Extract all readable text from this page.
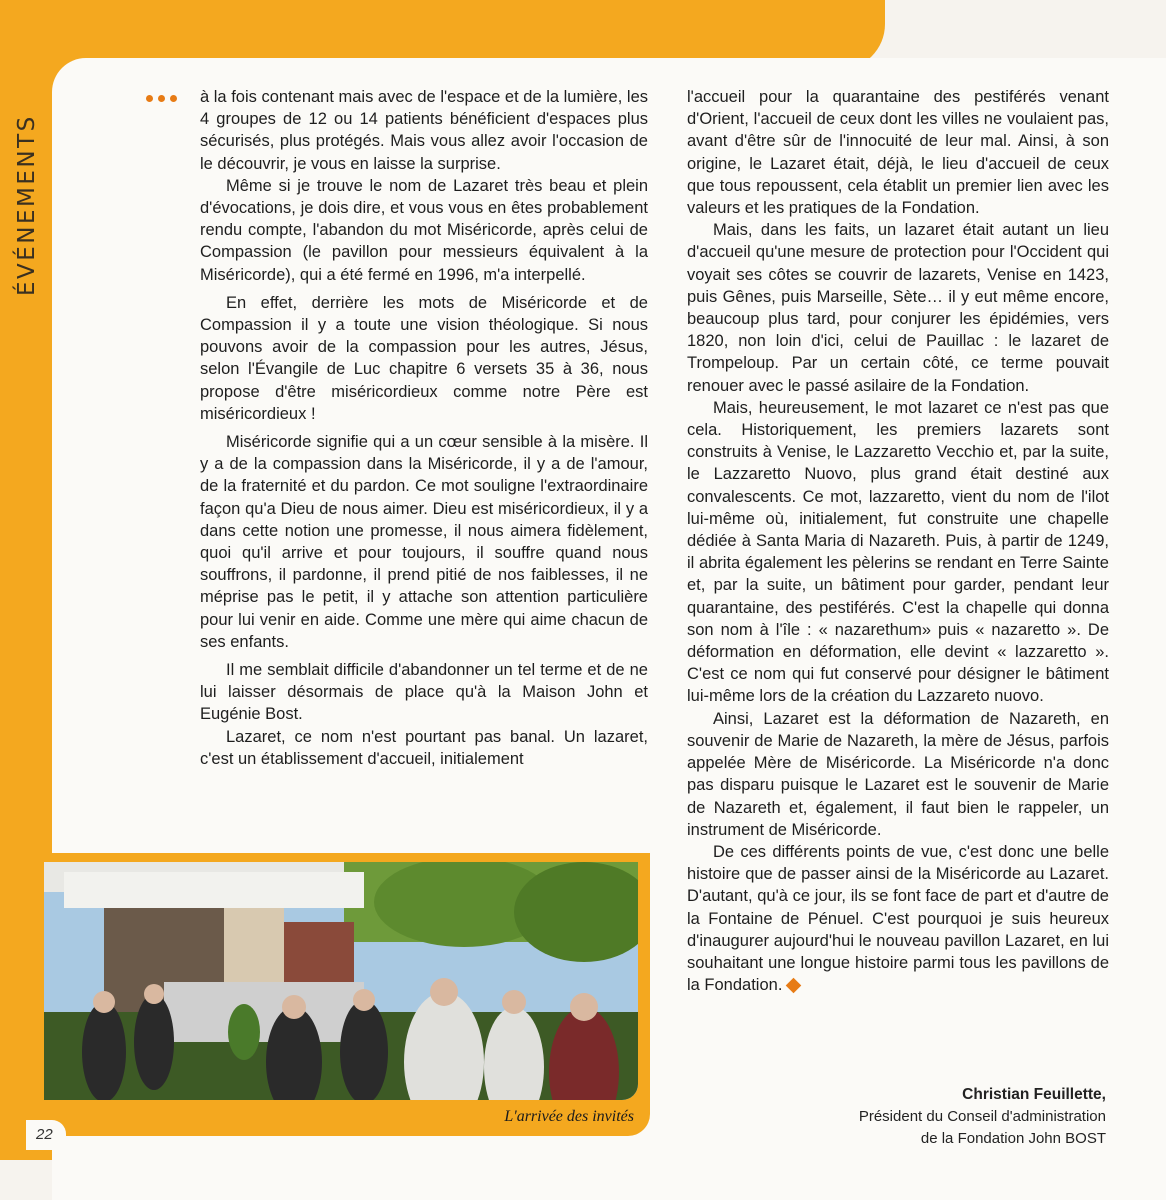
ÉVÉNEMENTS

à la fois contenant mais avec de l'espace et de la lumière, les 4 groupes de 12 ou 14 patients bénéficient d'espaces plus sécurisés, plus protégés. Mais vous allez avoir l'occasion de le découvrir, je vous en laisse la surprise.

Même si je trouve le nom de Lazaret très beau et plein d'évocations, je dois dire, et vous vous en êtes probablement rendu compte, l'abandon du mot Miséricorde, après celui de Compassion (le pavillon pour messieurs équivalent à la Miséricorde), qui a été fermé en 1996, m'a interpellé.

En effet, derrière les mots de Miséricorde et de Compassion il y a toute une vision théologique. Si nous pouvons avoir de la compassion pour les autres, Jésus, selon l'Évangile de Luc chapitre 6 versets 35 à 36, nous propose d'être miséricordieux comme notre Père est miséricordieux !

Miséricorde signifie qui a un cœur sensible à la misère. Il y a de la compassion dans la Miséricorde, il y a de l'amour, de la fraternité et du pardon. Ce mot souligne l'extraordinaire façon qu'a Dieu de nous aimer. Dieu est miséricordieux, il y a dans cette notion une promesse, il nous aimera fidèlement, quoi qu'il arrive et pour toujours, il souffre quand nous souffrons, il pardonne, il prend pitié de nos faiblesses, il ne méprise pas le petit, il y attache son attention particulière pour lui venir en aide. Comme une mère qui aime chacun de ses enfants.

Il me semblait difficile d'abandonner un tel terme et de ne lui laisser désormais de place qu'à la Maison John et Eugénie Bost.

Lazaret, ce nom n'est pourtant pas banal. Un lazaret, c'est un établissement d'accueil, initialement

l'accueil pour la quarantaine des pestiférés venant d'Orient, l'accueil de ceux dont les villes ne voulaient pas, avant d'être sûr de l'innocuité de leur mal. Ainsi, à son origine, le Lazaret était, déjà, le lieu d'accueil de ceux que tous repoussent, cela établit un premier lien avec les valeurs et les pratiques de la Fondation.

Mais, dans les faits, un lazaret était autant un lieu d'accueil qu'une mesure de protection pour l'Occident qui voyait ses côtes se couvrir de lazarets, Venise en 1423, puis Gênes, puis Marseille, Sète… il y eut même encore, beaucoup plus tard, pour conjurer les épidémies, vers 1820, non loin d'ici, celui de Pauillac : le lazaret de Trompeloup. Par un certain côté, ce terme pouvait renouer avec le passé asilaire de la Fondation.

Mais, heureusement, le mot lazaret ce n'est pas que cela. Historiquement, les premiers lazarets sont construits à Venise, le Lazzaretto Vecchio et, par la suite, le Lazzaretto Nuovo, plus grand était destiné aux convalescents. Ce mot, lazzaretto, vient du nom de l'ilot lui-même où, initialement, fut construite une chapelle dédiée à Santa Maria di Nazareth. Puis, à partir de 1249, il abrita également les pèlerins se rendant en Terre Sainte et, par la suite, un bâtiment pour garder, pendant leur quarantaine, des pestiférés. C'est la chapelle qui donna son nom à l'île : « nazarethum» puis « nazaretto ». De déformation en déformation, elle devint « lazzaretto ». C'est ce nom qui fut conservé pour désigner le bâtiment lui-même lors de la création du Lazzareto nuovo.

Ainsi, Lazaret est la déformation de Nazareth, en souvenir de Marie de Nazareth, la mère de Jésus, parfois appelée Mère de Miséricorde. La Miséricorde n'a donc pas disparu puisque le Lazaret est le souvenir de Marie de Nazareth et, également, il faut bien le rappeler, un instrument de Miséricorde.

De ces différents points de vue, c'est donc une belle histoire que de passer ainsi de la Miséricorde au Lazaret. D'autant, qu'à ce jour, ils se font face de part et d'autre de la Fontaine de Pénuel. C'est pourquoi je suis heureux d'inaugurer aujourd'hui le nouveau pavillon Lazaret, en lui souhaitant une longue histoire parmi tous les pavillons de la Fondation.

L'arrivée des invités
22
Christian Feuillette,
Président du Conseil d'administration
de la Fondation John BOST
